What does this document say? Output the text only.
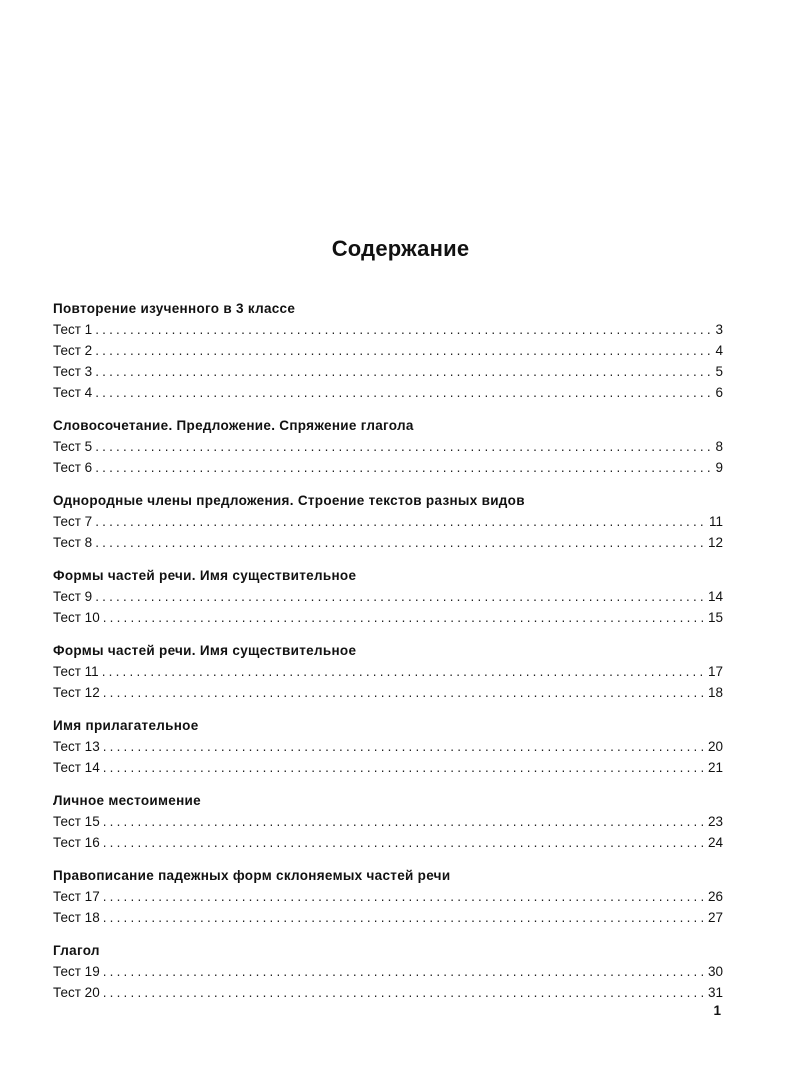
Содержание
Повторение изученного в 3 классе
Тест 1 .....	3
Тест 2 .....	4
Тест 3 .....	5
Тест 4 .....	6
Словосочетание. Предложение. Спряжение глагола
Тест 5 .....	8
Тест 6 .....	9
Однородные члены предложения. Строение текстов разных видов
Тест 7 .....	11
Тест 8 .....	12
Формы частей речи. Имя существительное
Тест 9 .....	14
Тест 10 .....	15
Формы частей речи. Имя существительное
Тест 11 .....	17
Тест 12 .....	18
Имя прилагательное
Тест 13 .....	20
Тест 14 .....	21
Личное местоимение
Тест 15 .....	23
Тест 16 .....	24
Правописание падежных форм склоняемых частей речи
Тест 17 .....	26
Тест 18 .....	27
Глагол
Тест 19 .....	30
Тест 20 .....	31
1
